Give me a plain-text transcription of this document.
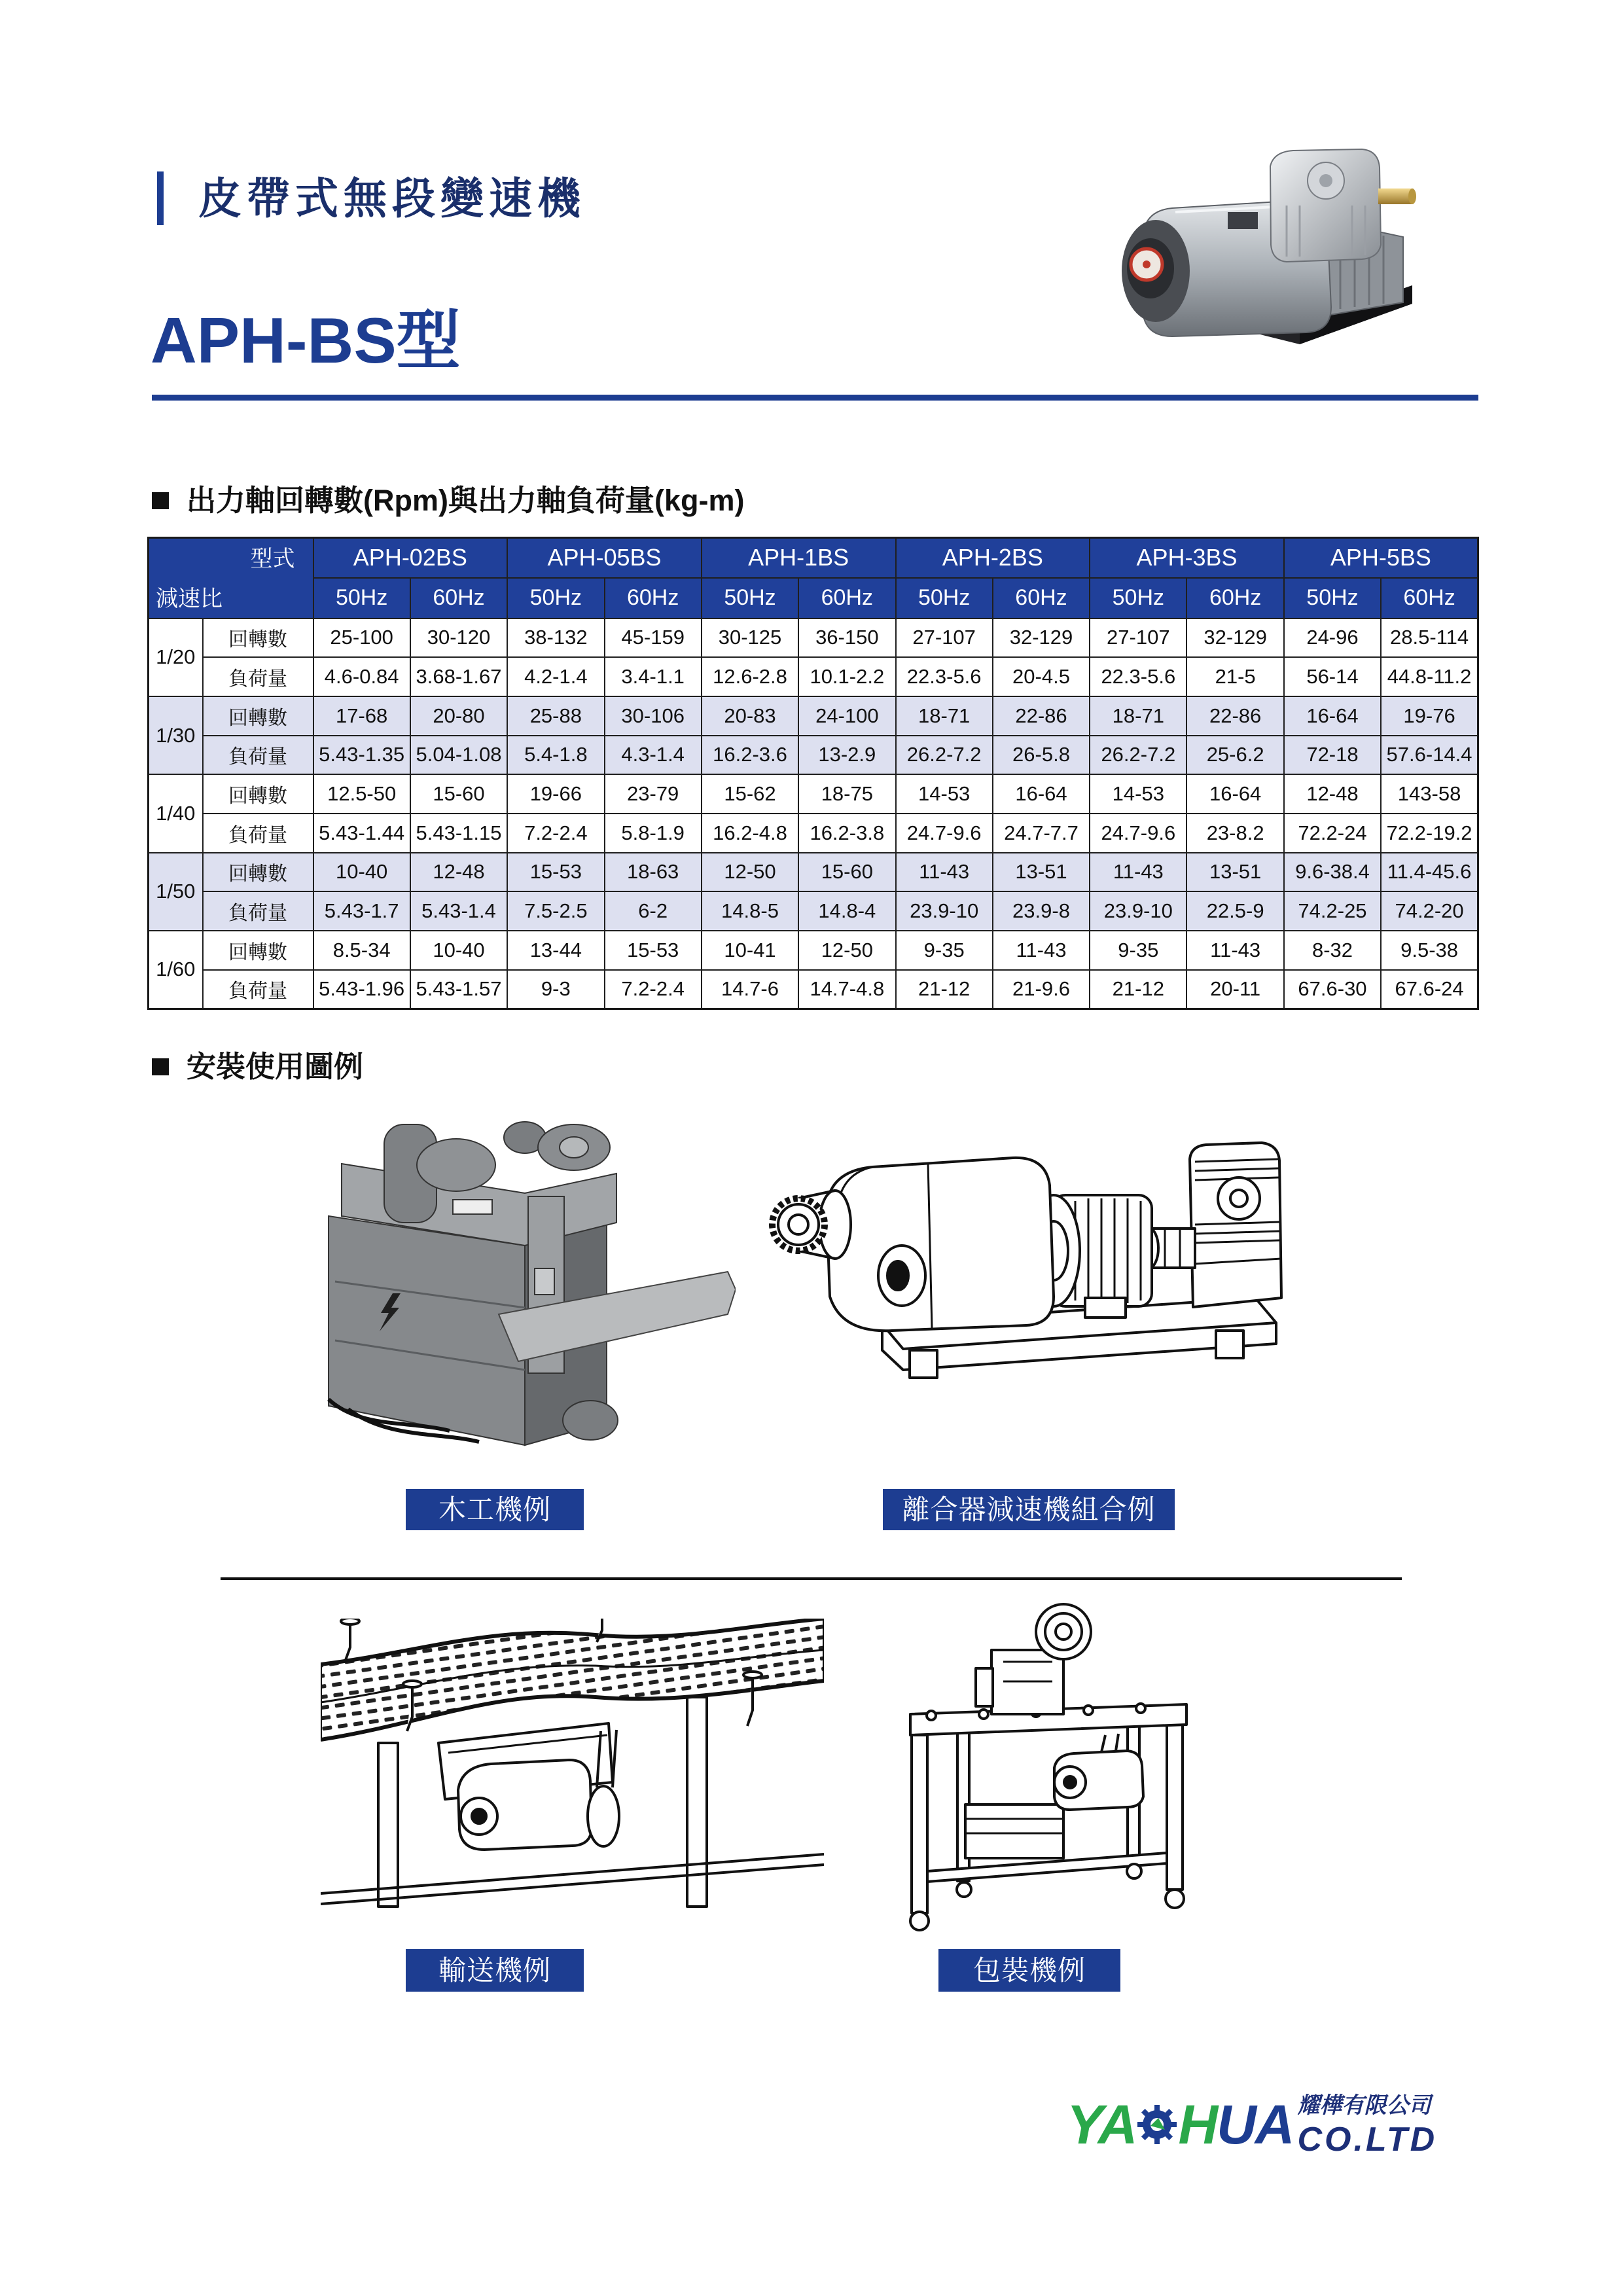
皮帶式無段變速機
APH-BS型
出力軸回轉數(Rpm)與出力軸負荷量(kg-m)
型式
減速比		APH-02BS		APH-05BS		APH-1BS		APH-2BS		APH-3BS		APH-5BS	
		50Hz	60Hz	50Hz	60Hz	50Hz	60Hz	50Hz	60Hz	50Hz	60Hz	50Hz	60Hz
1/20	回轉數	25-100	30-120	38-132	45-159	30-125	36-150	27-107	32-129	27-107	32-129	24-96	28.5-114
	負荷量	4.6-0.84	3.68-1.67	4.2-1.4	3.4-1.1	12.6-2.8	10.1-2.2	22.3-5.6	20-4.5	22.3-5.6	21-5	56-14	44.8-11.2
1/30	回轉數	17-68	20-80	25-88	30-106	20-83	24-100	18-71	22-86	18-71	22-86	16-64	19-76
	負荷量	5.43-1.35	5.04-1.08	5.4-1.8	4.3-1.4	16.2-3.6	13-2.9	26.2-7.2	26-5.8	26.2-7.2	25-6.2	72-18	57.6-14.4
1/40	回轉數	12.5-50	15-60	19-66	23-79	15-62	18-75	14-53	16-64	14-53	16-64	12-48	143-58
	負荷量	5.43-1.44	5.43-1.15	7.2-2.4	5.8-1.9	16.2-4.8	16.2-3.8	24.7-9.6	24.7-7.7	24.7-9.6	23-8.2	72.2-24	72.2-19.2
1/50	回轉數	10-40	12-48	15-53	18-63	12-50	15-60	11-43	13-51	11-43	13-51	9.6-38.4	11.4-45.6
	負荷量	5.43-1.7	5.43-1.4	7.5-2.5	6-2	14.8-5	14.8-4	23.9-10	23.9-8	23.9-10	22.5-9	74.2-25	74.2-20
1/60	回轉數	8.5-34	10-40	13-44	15-53	10-41	12-50	9-35	11-43	9-35	11-43	8-32	9.5-38
	負荷量	5.43-1.96	5.43-1.57	9-3	7.2-2.4	14.7-6	14.7-4.8	21-12	21-9.6	21-12	20-11	67.6-30	67.6-24
安裝使用圖例
木工機例	離合器減速機組合例
輸送機例	包裝機例
YA H UA 耀樺有限公司
CO.LTD
